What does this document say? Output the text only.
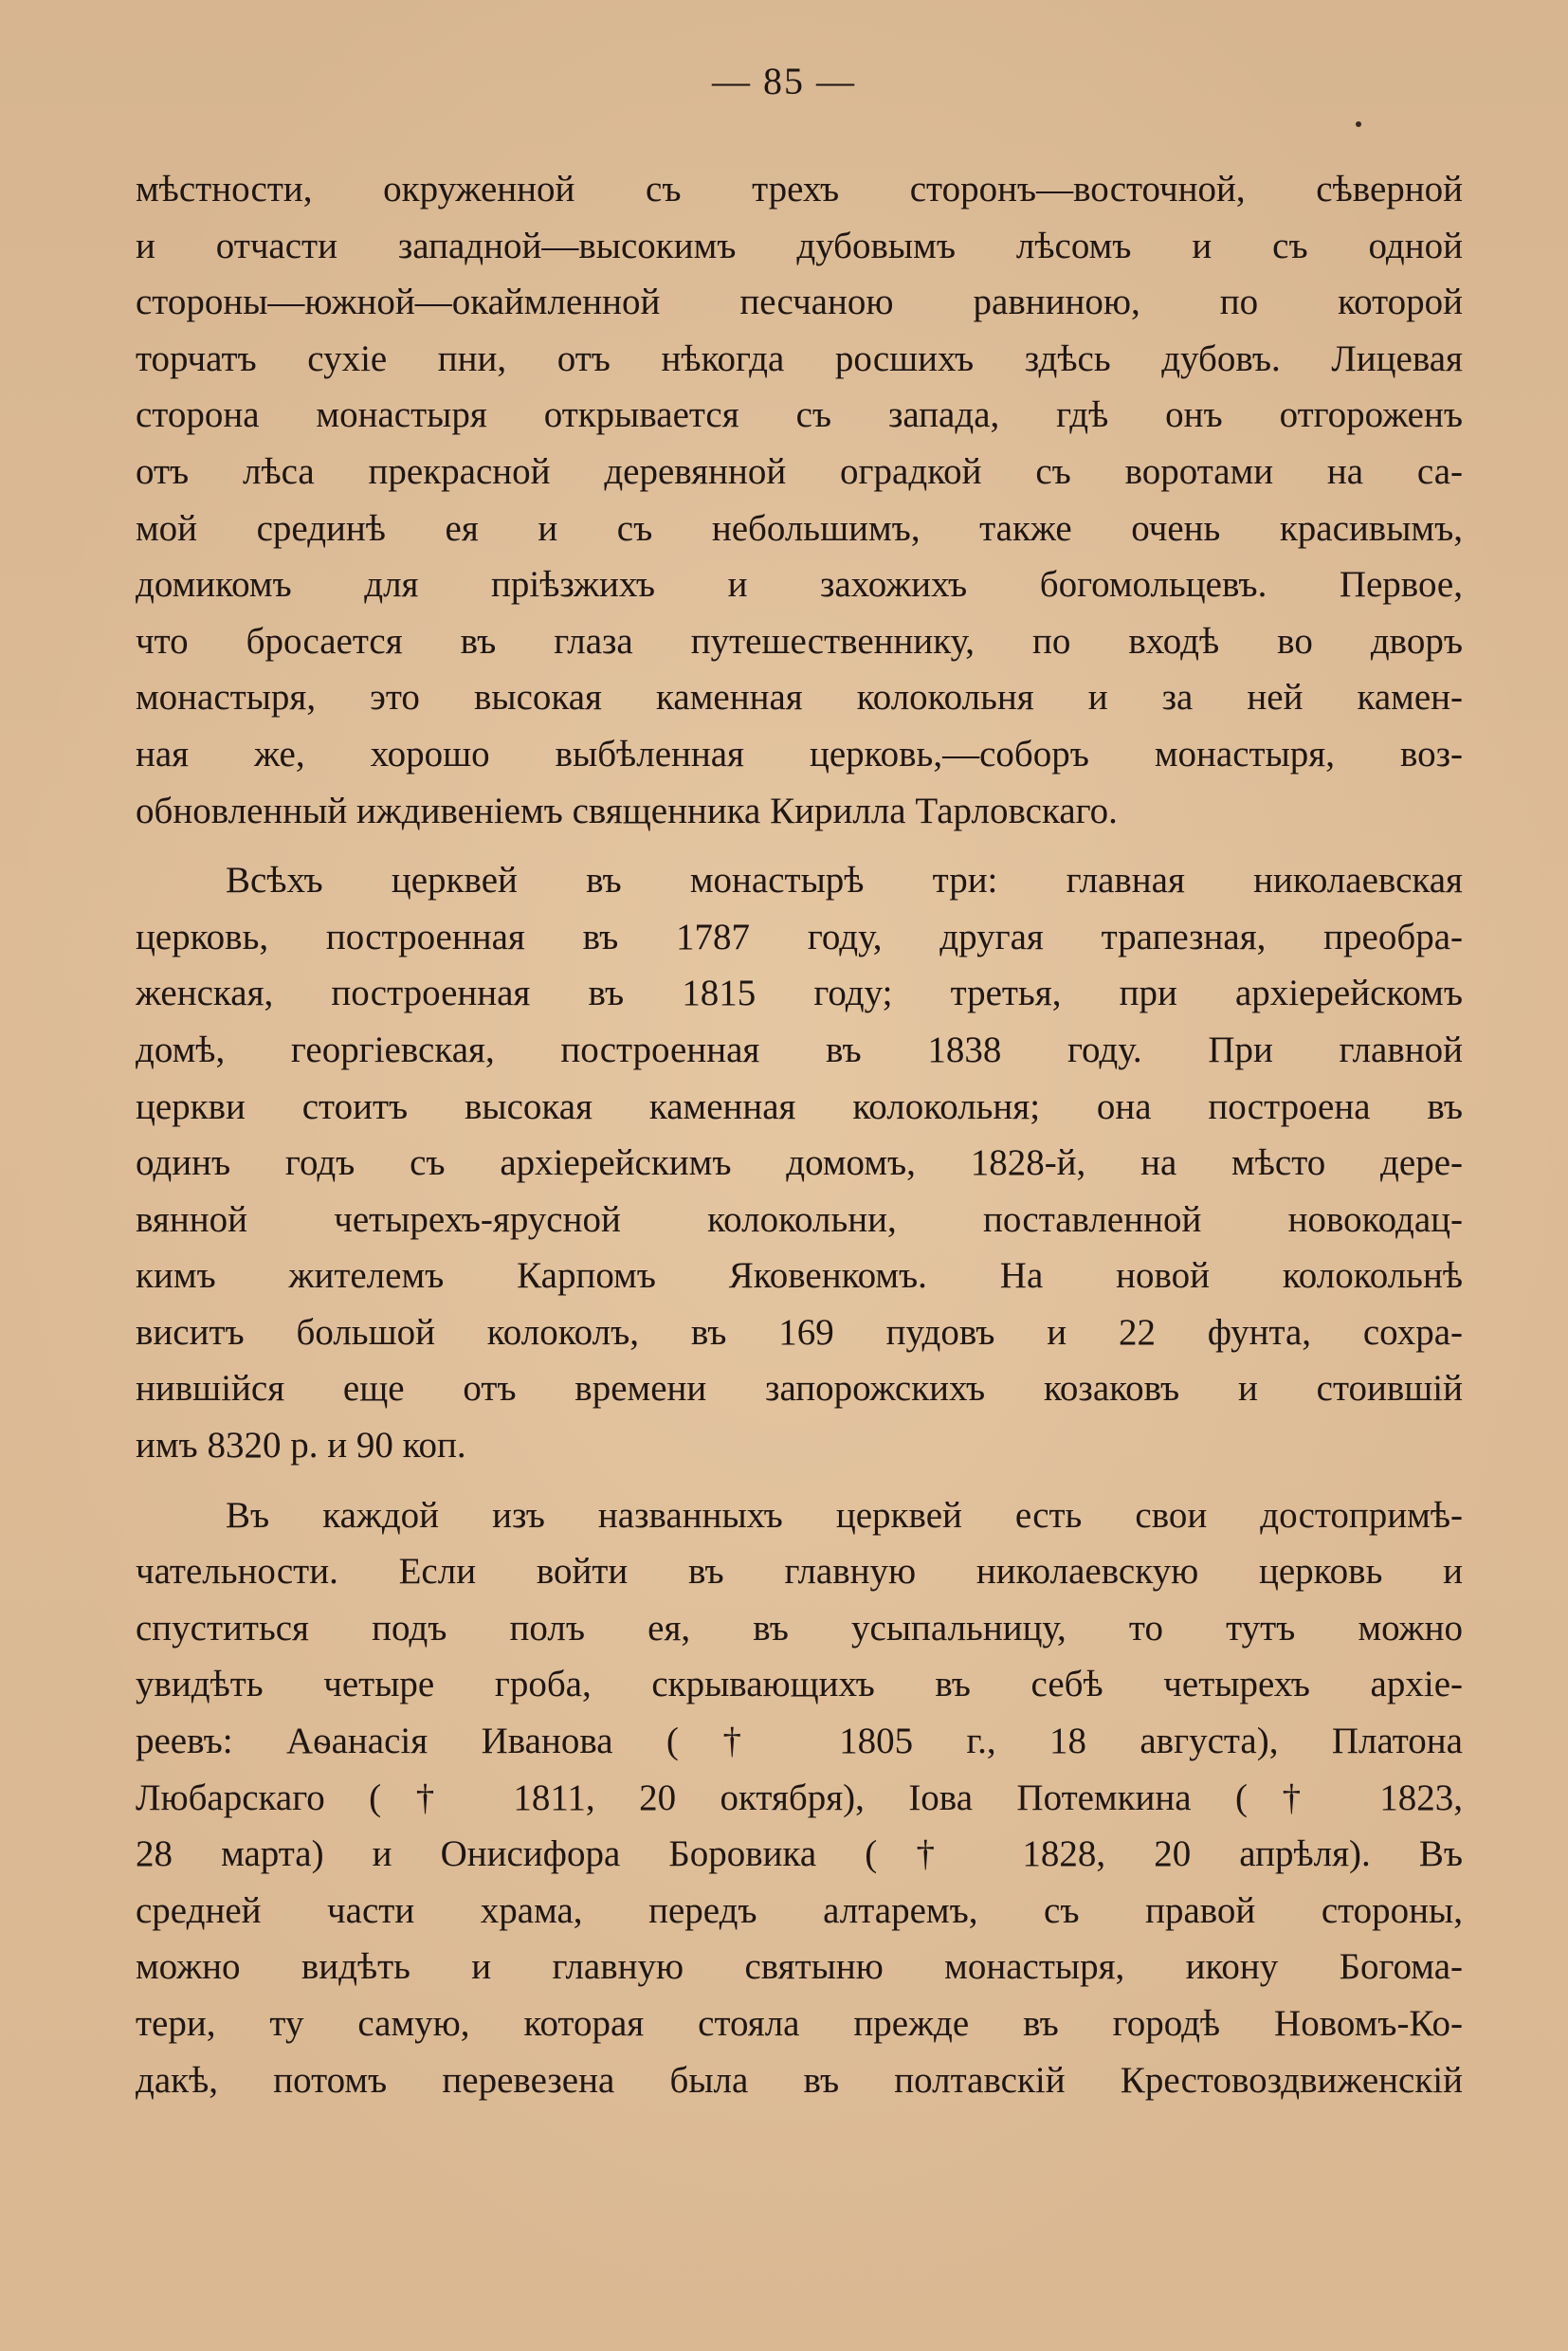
— 85 —
мѣстности, окруженной съ трехъ сторонъ—восточной, сѣверной
и отчасти западной—высокимъ дубовымъ лѣсомъ и съ одной
стороны—южной—окаймленной песчаною равниною, по которой
торчатъ сухіе пни, отъ нѣкогда росшихъ здѣсь дубовъ. Лицевая
сторона монастыря открывается съ запада, гдѣ онъ отгороженъ
отъ лѣса прекрасной деревянной оградкой съ воротами на са-
мой срединѣ ея и съ небольшимъ, также очень красивымъ,
домикомъ для пріѣзжихъ и захожихъ богомольцевъ. Первое,
что бросается въ глаза путешественнику, по входѣ во дворъ
монастыря, это высокая каменная колокольня и за ней камен-
ная же, хорошо выбѣленная церковь,—соборъ монастыря, воз-
обновленный иждивеніемъ священника Кирилла Тарловскаго.
Всѣхъ церквей въ монастырѣ три: главная николаевская
церковь, построенная въ 1787 году, другая трапезная, преобра-
женская, построенная въ 1815 году; третья, при архіерейскомъ
домѣ, георгіевская, построенная въ 1838 году. При главной
церкви стоитъ высокая каменная колокольня; она построена въ
одинъ годъ съ архіерейскимъ домомъ, 1828-й, на мѣсто дере-
вянной четырехъ-ярусной колокольни, поставленной новокодац-
кимъ жителемъ Карпомъ Яковенкомъ. На новой колокольнѣ
виситъ большой колоколъ, въ 169 пудовъ и 22 фунта, сохра-
нившійся еще отъ времени запорожскихъ козаковъ и стоившій
имъ 8320 р. и 90 коп.
Въ каждой изъ названныхъ церквей есть свои достопримѣ-
чательности. Если войти въ главную николаевскую церковь и
спуститься подъ полъ ея, въ усыпальницу, то тутъ можно
увидѣть четыре гроба, скрывающихъ въ себѣ четырехъ архіе-
реевъ: Аѳанасія Иванова († 1805 г., 18 августа), Платона
Любарскаго († 1811, 20 октября), Іова Потемкина († 1823,
28 марта) и Онисифора Боровика († 1828, 20 апрѣля). Въ
средней части храма, передъ алтаремъ, съ правой стороны,
можно видѣть и главную святыню монастыря, икону Богома-
тери, ту самую, которая стояла прежде въ городѣ Новомъ-Ко-
дакѣ, потомъ перевезена была въ полтавскій Крестовоздвиженскій
